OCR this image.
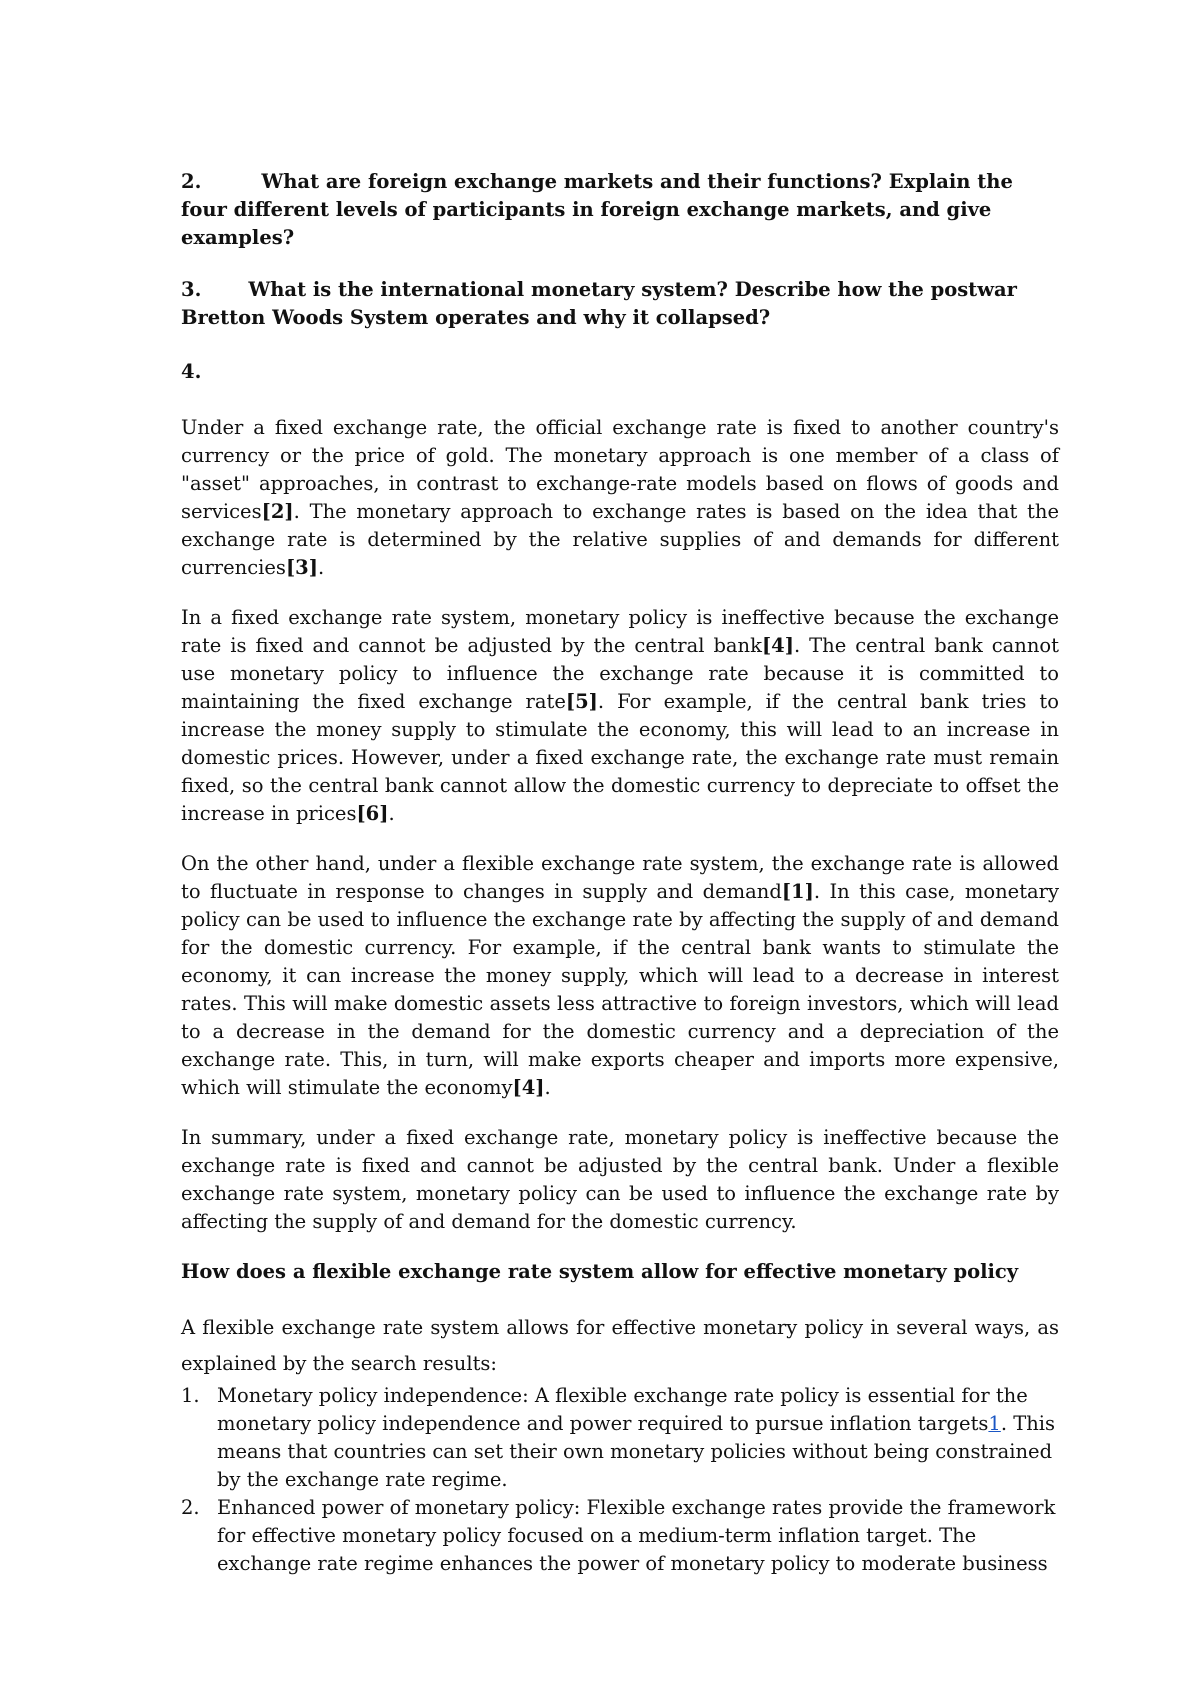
2.	What are foreign exchange markets and their functions? Explain the four different levels of participants in foreign exchange markets, and give examples?

3. What is the international monetary system? Describe how the postwar Bretton Woods System operates and why it collapsed?

4.

Under a fixed exchange rate, the official exchange rate is fixed to another country's currency or the price of gold. The monetary approach is one member of a class of "asset" approaches, in contrast to exchange-rate models based on flows of goods and services[2]. The monetary approach to exchange rates is based on the idea that the exchange rate is determined by the relative supplies of and demands for different currencies[3].

In a fixed exchange rate system, monetary policy is ineffective because the exchange rate is fixed and cannot be adjusted by the central bank[4]. The central bank cannot use monetary policy to influence the exchange rate because it is committed to maintaining the fixed exchange rate[5]. For example, if the central bank tries to increase the money supply to stimulate the economy, this will lead to an increase in domestic prices. However, under a fixed exchange rate, the exchange rate must remain fixed, so the central bank cannot allow the domestic currency to depreciate to offset the increase in prices[6].

On the other hand, under a flexible exchange rate system, the exchange rate is allowed to fluctuate in response to changes in supply and demand[1]. In this case, monetary policy can be used to influence the exchange rate by affecting the supply of and demand for the domestic currency. For example, if the central bank wants to stimulate the economy, it can increase the money supply, which will lead to a decrease in interest rates. This will make domestic assets less attractive to foreign investors, which will lead to a decrease in the demand for the domestic currency and a depreciation of the exchange rate. This, in turn, will make exports cheaper and imports more expensive, which will stimulate the economy[4].

In summary, under a fixed exchange rate, monetary policy is ineffective because the exchange rate is fixed and cannot be adjusted by the central bank. Under a flexible exchange rate system, monetary policy can be used to influence the exchange rate by affecting the supply of and demand for the domestic currency.

How does a flexible exchange rate system allow for effective monetary policy

A flexible exchange rate system allows for effective monetary policy in several ways, as explained by the search results:

1. Monetary policy independence: A flexible exchange rate policy is essential for the monetary policy independence and power required to pursue inflation targets1. This means that countries can set their own monetary policies without being constrained by the exchange rate regime.
2. Enhanced power of monetary policy: Flexible exchange rates provide the framework for effective monetary policy focused on a medium-term inflation target. The exchange rate regime enhances the power of monetary policy to moderate business
